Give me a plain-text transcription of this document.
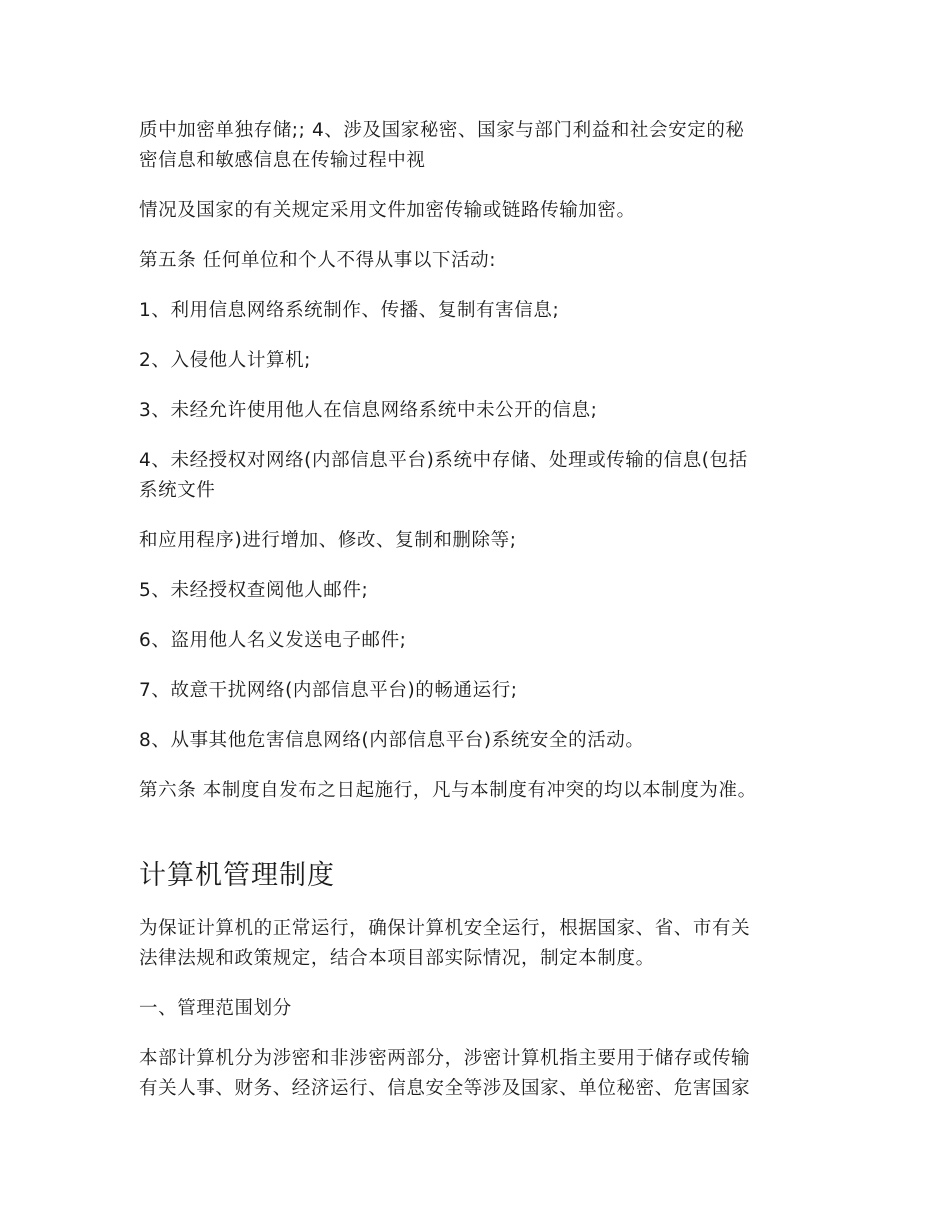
质中加密单独存储;; 4、涉及国家秘密、国家与部门利益和社会安定的秘
密信息和敏感信息在传输过程中视
情况及国家的有关规定采用文件加密传输或链路传输加密。
第五条 任何单位和个人不得从事以下活动:
1、利用信息网络系统制作、传播、复制有害信息;
2、入侵他人计算机;
3、未经允许使用他人在信息网络系统中未公开的信息;
4、未经授权对网络(内部信息平台)系统中存储、处理或传输的信息(包括
系统文件
和应用程序)进行增加、修改、复制和删除等;
5、未经授权查阅他人邮件;
6、盗用他人名义发送电子邮件;
7、故意干扰网络(内部信息平台)的畅通运行;
8、从事其他危害信息网络(内部信息平台)系统安全的活动。
第六条 本制度自发布之日起施行，凡与本制度有冲突的均以本制度为准。
计算机管理制度
为保证计算机的正常运行，确保计算机安全运行，根据国家、省、市有关
法律法规和政策规定，结合本项目部实际情况，制定本制度。
一、管理范围划分
本部计算机分为涉密和非涉密两部分，涉密计算机指主要用于储存或传输
有关人事、财务、经济运行、信息安全等涉及国家、单位秘密、危害国家
